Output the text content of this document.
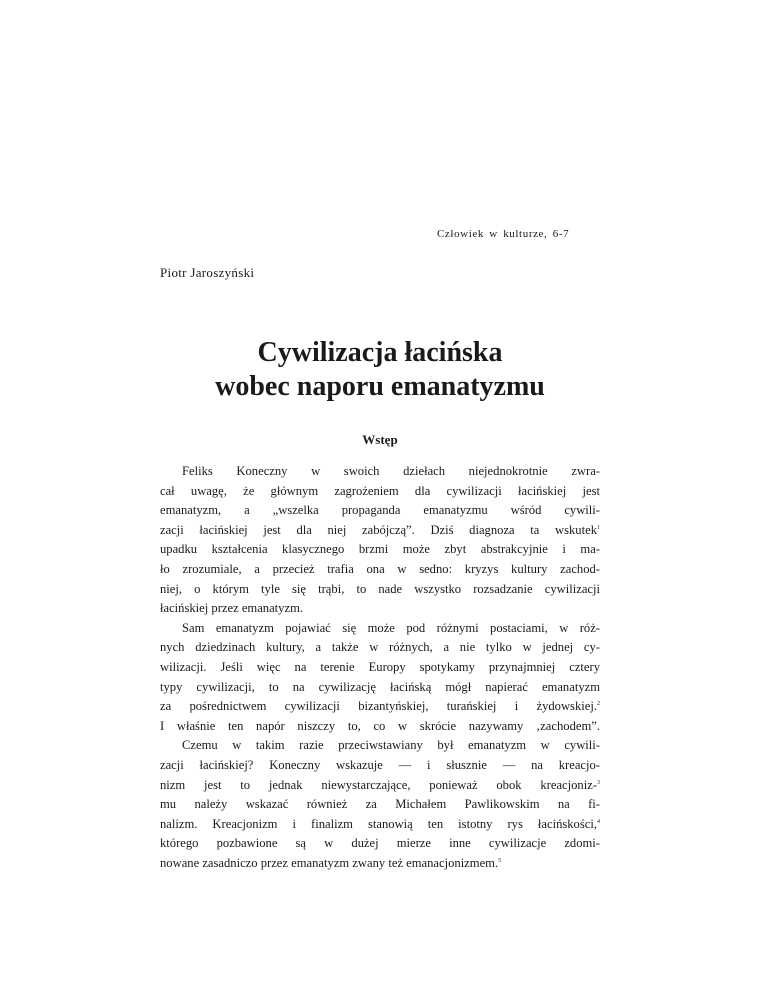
Człowiek w kulturze, 6-7
Piotr Jaroszyński
Cywilizacja łacińska
wobec naporu emanatyzmu
Wstęp
Feliks Koneczny w swoich dziełach niejednokrotnie zwra-
cał uwagę, że głównym zagrożeniem dla cywilizacji łacińskiej jest
emanatyzm, a „wszelka propaganda emanatyzmu wśród cywili-
zacji łacińskiej jest dla niej zabójczą”. Dziś diagnoza ta wskutek$^1$
upadku kształcenia klasycznego brzmi może zbyt abstrakcyjnie i ma-
ło zrozumiale, a przecież trafia ona w sedno: kryzys kultury zachod-
niej, o którym tyle się trąbi, to nade wszystko rozsadzanie cywilizacji
łacińskiej przez emanatyzm.
Sam emanatyzm pojawiać się może pod różnymi postaciami, w róż-
nych dziedzinach kultury, a także w różnych, a nie tylko w jednej cy-
wilizacji. Jeśli więc na terenie Europy spotykamy przynajmniej cztery
typy cywilizacji, to na cywilizację łacińską mógł napierać emanatyzm
za pośrednictwem cywilizacji bizantyńskiej, turańskiej i żydowskiej.$^2$
I właśnie ten napór niszczy to, co w skrócie nazywamy ‚zachodem”.
Czemu w takim razie przeciwstawiany był emanatyzm w cywili-
zacji łacińskiej? Koneczny wskazuje — i słusznie — na kreacjo-
nizm jest to jednak niewystarczające, ponieważ obok kreacjoniz-$^3$
mu należy wskazać również za Michałem Pawlikowskim na fi-
nalizm. Kreacjonizm i finalizm stanowią ten istotny rys łacińskości,$^4$
którego pozbawione są w dużej mierze inne cywilizacje zdomi-
nowane zasadniczo przez emanatyzm zwany też emanacjonizmem.$^5$
